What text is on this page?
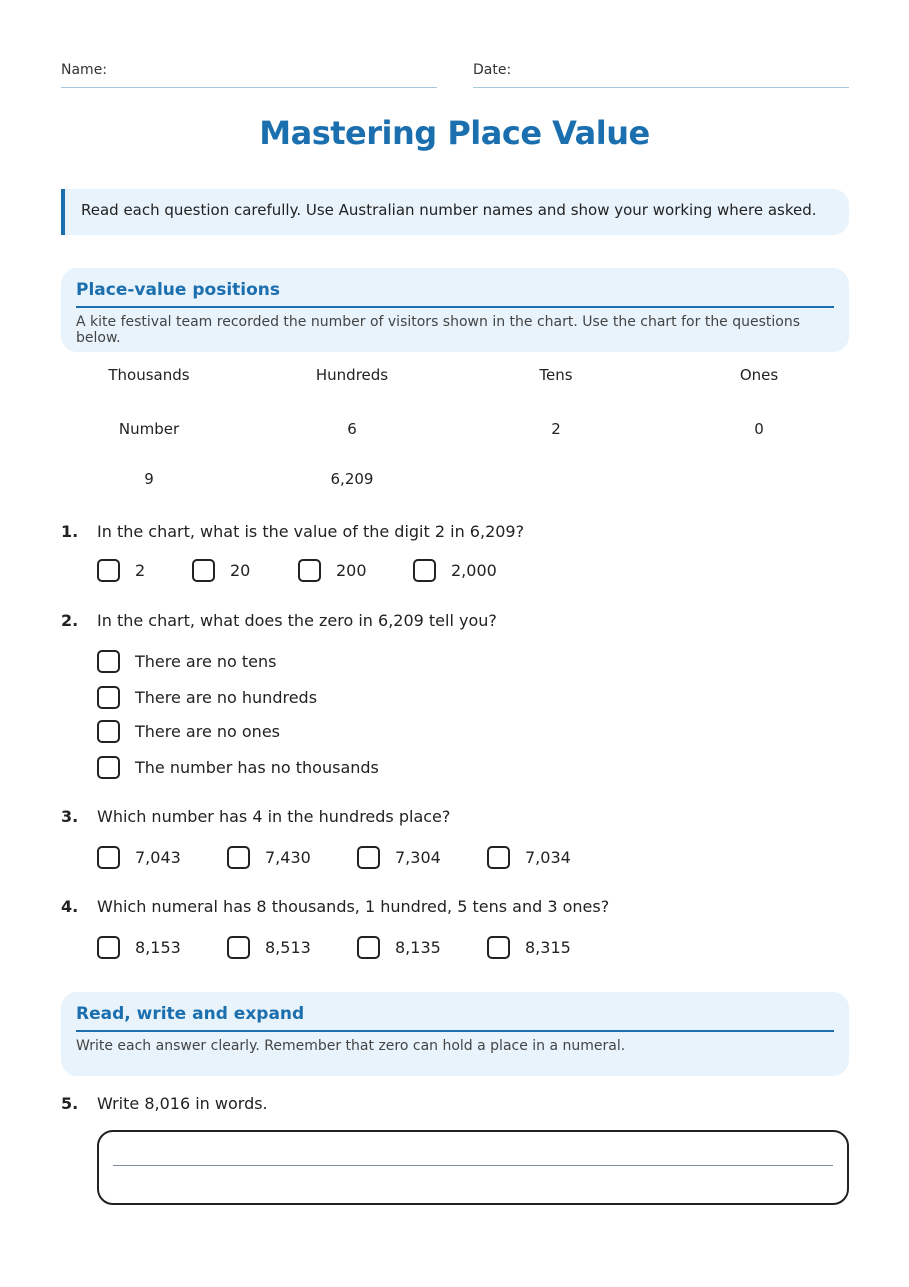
Name:	Date:
Mastering Place Value
Read each question carefully. Use Australian number names and show your working where asked.
Place-value positions
A kite festival team recorded the number of visitors shown in the chart. Use the chart for the questions below.
Thousands	Hundreds	Tens	Ones
Number	6	2	0
9	6,209
1. In the chart, what is the value of the digit 2 in 6,209?
2	20	200	2,000
2. In the chart, what does the zero in 6,209 tell you?
There are no tens
There are no hundreds
There are no ones
The number has no thousands
3. Which number has 4 in the hundreds place?
7,043	7,430	7,304	7,034
4. Which numeral has 8 thousands, 1 hundred, 5 tens and 3 ones?
8,153	8,513	8,135	8,315
Read, write and expand
Write each answer clearly. Remember that zero can hold a place in a numeral.
5. Write 8,016 in words.
